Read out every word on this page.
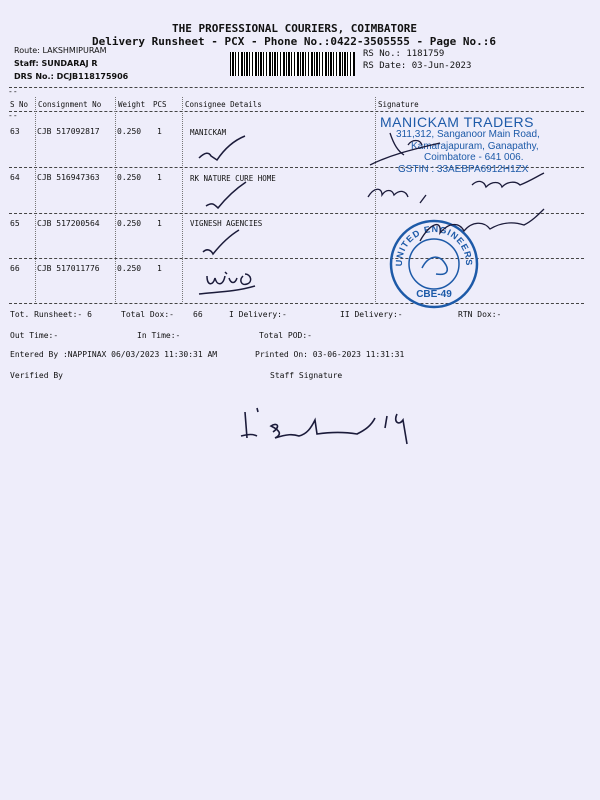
THE PROFESSIONAL COURIERS, COIMBATORE
Delivery Runsheet - PCX - Phone No.:0422-3505555 - Page No.:6
Route: LAKSHMIPURAM
Staff: SUNDARAJ R
DRS No.: DCJB118175906
RS No.: 1181759
RS Date: 03-Jun-2023
--
S No Consignment No Weight PCS Consignee Details	Signature
--
63 CJB 517092817 0.250 1	MANICKAM
64 CJB 516947363 0.250 1	RK NATURE CURE HOME
65 CJB 517200564 0.250 1	VIGNESH AGENCIES
66 CJB 517011776 0.250 1
MANICKAM TRADERS
311,312, Sanganoor Main Road,
Kamarajapuram, Ganapathy,
Coimbatore - 641 006.
GSTIN : 33AEBPA6912H1ZX
UNITED ENGINEERS
CBE-49
Tot. Runsheet:- 6	Total Dox:- 66	I Delivery:-	II Delivery:-	RTN Dox:-
Out Time:-	In Time:-	Total POD:-
Entered By :NAPPINAX 06/03/2023 11:30:31 AM	Printed On: 03-06-2023 11:31:31
Verified By	Staff Signature
